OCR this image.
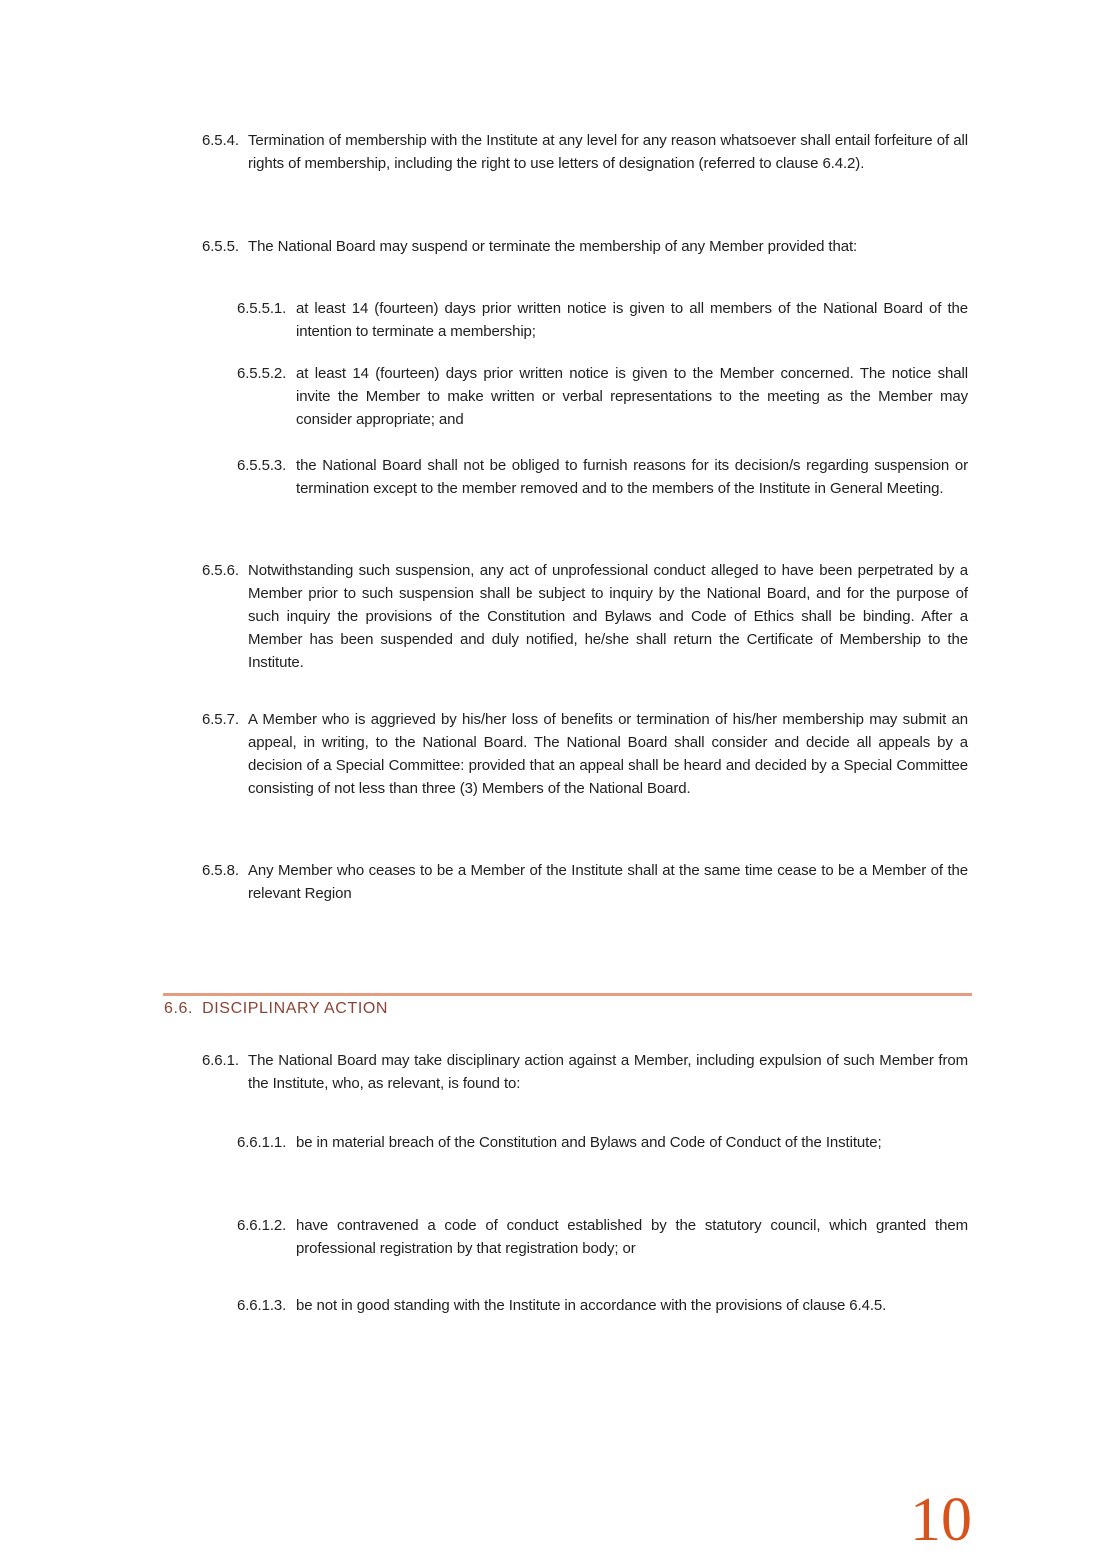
6.5.4. Termination of membership with the Institute at any level for any reason whatsoever shall entail forfeiture of all rights of membership, including the right to use letters of designation (referred to clause 6.4.2).
6.5.5. The National Board may suspend or terminate the membership of any Member provided that:
6.5.5.1. at least 14 (fourteen) days prior written notice is given to all members of the National Board of the intention to terminate a membership;
6.5.5.2. at least 14 (fourteen) days prior written notice is given to the Member concerned. The notice shall invite the Member to make written or verbal representations to the meeting as the Member may consider appropriate; and
6.5.5.3. the National Board shall not be obliged to furnish reasons for its decision/s regarding suspension or termination except to the member removed and to the members of the Institute in General Meeting.
6.5.6. Notwithstanding such suspension, any act of unprofessional conduct alleged to have been perpetrated by a Member prior to such suspension shall be subject to inquiry by the National Board, and for the purpose of such inquiry the provisions of the Constitution and Bylaws and Code of Ethics shall be binding. After a Member has been suspended and duly notified, he/she shall return the Certificate of Membership to the Institute.
6.5.7. A Member who is aggrieved by his/her loss of benefits or termination of his/her membership may submit an appeal, in writing, to the National Board. The National Board shall consider and decide all appeals by a decision of a Special Committee: provided that an appeal shall be heard and decided by a Special Committee consisting of not less than three (3) Members of the National Board.
6.5.8. Any Member who ceases to be a Member of the Institute shall at the same time cease to be a Member of the relevant Region
6.6. DISCIPLINARY ACTION
6.6.1. The National Board may take disciplinary action against a Member, including expulsion of such Member from the Institute, who, as relevant, is found to:
6.6.1.1. be in material breach of the Constitution and Bylaws and Code of Conduct of the Institute;
6.6.1.2. have contravened a code of conduct established by the statutory council, which granted them professional registration by that registration body; or
6.6.1.3. be not in good standing with the Institute in accordance with the provisions of clause 6.4.5.
10
